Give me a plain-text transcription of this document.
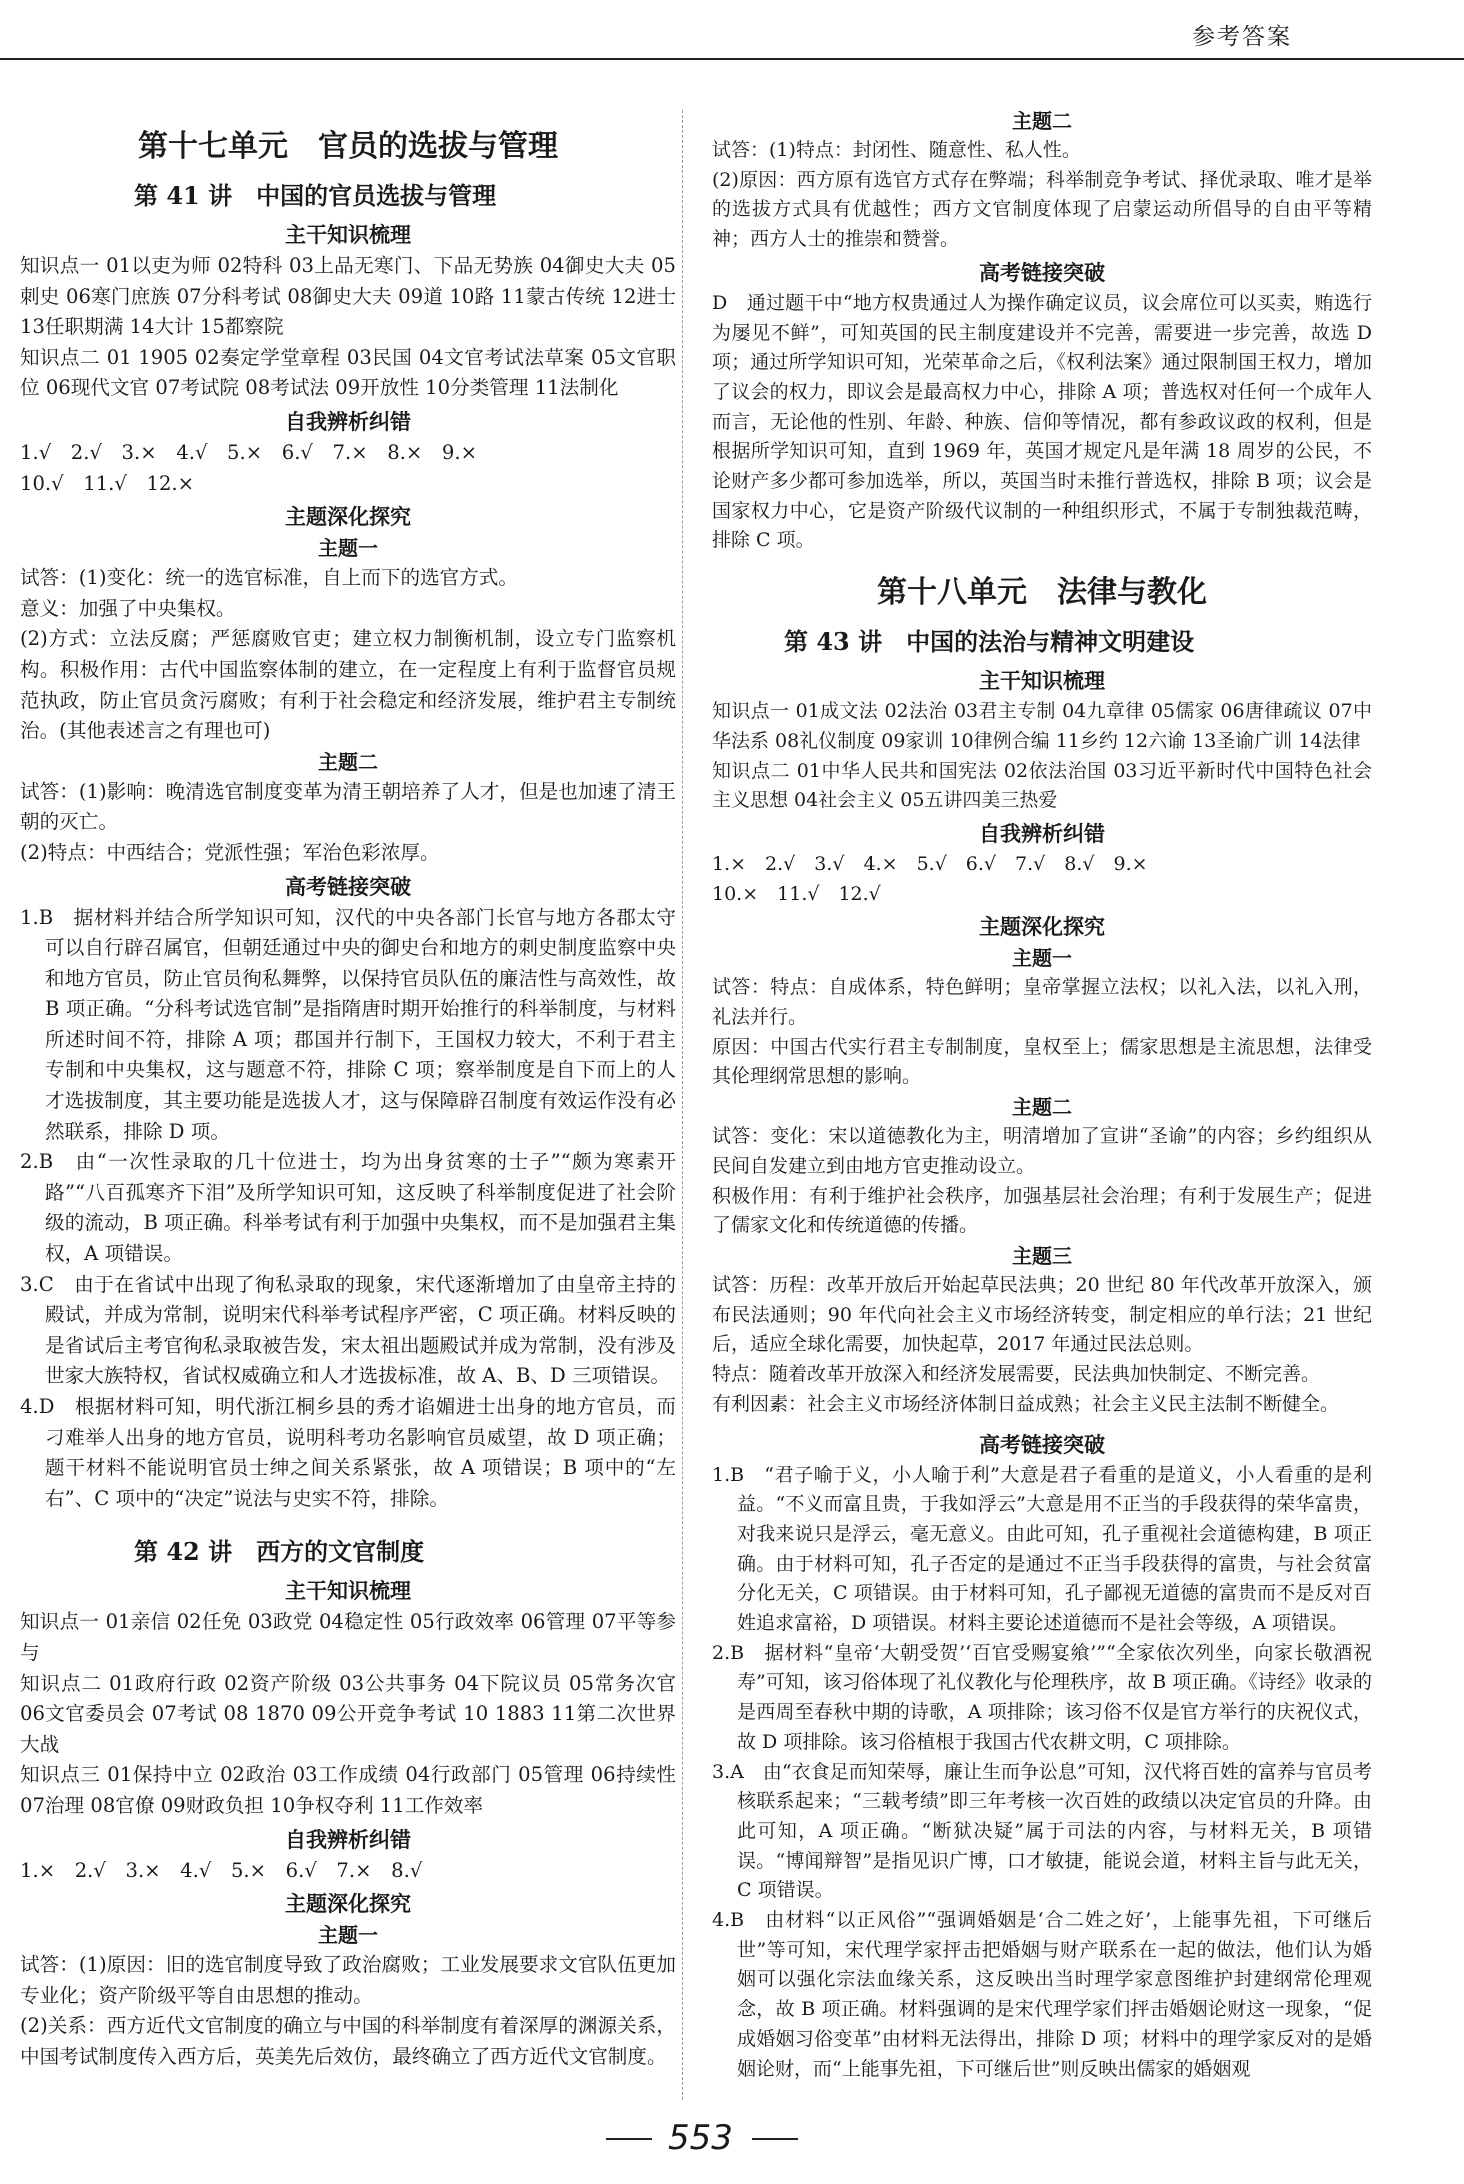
参考答案
第十七单元　官员的选拔与管理
第 41 讲　中国的官员选拔与管理
主干知识梳理

知识点一 01以吏为师 02特科 03上品无寒门、下品无势族 04御史大夫 05刺史 06寒门庶族 07分科考试 08御史大夫 09道 10路 11蒙古传统 12进士 13任职期满 14大计 15都察院

知识点二 01 1905 02奏定学堂章程 03民国 04文官考试法草案 05文官职位 06现代文官 07考试院 08考试法 09开放性 10分类管理 11法制化

自我辨析纠错

1.√　2.√　3.×　4.√　5.×　6.√　7.×　8.×　9.×

10.√　11.√　12.×

主题深化探究
主题一

试答：(1)变化：统一的选官标准，自上而下的选官方式。

意义：加强了中央集权。

(2)方式：立法反腐；严惩腐败官吏；建立权力制衡机制，设立专门监察机构。积极作用：古代中国监察体制的建立，在一定程度上有利于监督官员规范执政，防止官员贪污腐败；有利于社会稳定和经济发展，维护君主专制统治。(其他表述言之有理也可)

主题二

试答：(1)影响：晚清选官制度变革为清王朝培养了人才，但是也加速了清王朝的灭亡。

(2)特点：中西结合；党派性强；军治色彩浓厚。

高考链接突破

1.B　据材料并结合所学知识可知，汉代的中央各部门长官与地方各郡太守可以自行辟召属官，但朝廷通过中央的御史台和地方的刺史制度监察中央和地方官员，防止官员徇私舞弊，以保持官员队伍的廉洁性与高效性，故 B 项正确。“分科考试选官制”是指隋唐时期开始推行的科举制度，与材料所述时间不符，排除 A 项；郡国并行制下，王国权力较大，不利于君主专制和中央集权，这与题意不符，排除 C 项；察举制度是自下而上的人才选拔制度，其主要功能是选拔人才，这与保障辟召制度有效运作没有必然联系，排除 D 项。

2.B　由“一次性录取的几十位进士，均为出身贫寒的士子”“颇为寒素开路”“八百孤寒齐下泪”及所学知识可知，这反映了科举制度促进了社会阶级的流动，B 项正确。科举考试有利于加强中央集权，而不是加强君主集权，A 项错误。

3.C　由于在省试中出现了徇私录取的现象，宋代逐渐增加了由皇帝主持的殿试，并成为常制，说明宋代科举考试程序严密，C 项正确。材料反映的是省试后主考官徇私录取被告发，宋太祖出题殿试并成为常制，没有涉及世家大族特权，省试权威确立和人才选拔标准，故 A、B、D 三项错误。

4.D　根据材料可知，明代浙江桐乡县的秀才谄媚进士出身的地方官员，而刁难举人出身的地方官员，说明科考功名影响官员威望，故 D 项正确；题干材料不能说明官员士绅之间关系紧张，故 A 项错误；B 项中的“左右”、C 项中的“决定”说法与史实不符，排除。

第 42 讲　西方的文官制度
主干知识梳理

知识点一 01亲信 02任免 03政党 04稳定性 05行政效率 06管理 07平等参与

知识点二 01政府行政 02资产阶级 03公共事务 04下院议员 05常务次官 06文官委员会 07考试 08 1870 09公开竞争考试 10 1883 11第二次世界大战

知识点三 01保持中立 02政治 03工作成绩 04行政部门 05管理 06持续性 07治理 08官僚 09财政负担 10争权夺利 11工作效率

自我辨析纠错

1.×　2.√　3.×　4.√　5.×　6.√　7.×　8.√

主题深化探究
主题一

试答：(1)原因：旧的选官制度导致了政治腐败；工业发展要求文官队伍更加专业化；资产阶级平等自由思想的推动。

(2)关系：西方近代文官制度的确立与中国的科举制度有着深厚的渊源关系，中国考试制度传入西方后，英美先后效仿，最终确立了西方近代文官制度。

主题二

试答：(1)特点：封闭性、随意性、私人性。

(2)原因：西方原有选官方式存在弊端；科举制竞争考试、择优录取、唯才是举的选拔方式具有优越性；西方文官制度体现了启蒙运动所倡导的自由平等精神；西方人士的推崇和赞誉。

高考链接突破

D　通过题干中“地方权贵通过人为操作确定议员，议会席位可以买卖，贿选行为屡见不鲜”，可知英国的民主制度建设并不完善，需要进一步完善，故选 D 项；通过所学知识可知，光荣革命之后，《权利法案》通过限制国王权力，增加了议会的权力，即议会是最高权力中心，排除 A 项；普选权对任何一个成年人而言，无论他的性别、年龄、种族、信仰等情况，都有参政议政的权利，但是根据所学知识可知，直到 1969 年，英国才规定凡是年满 18 周岁的公民，不论财产多少都可参加选举，所以，英国当时未推行普选权，排除 B 项；议会是国家权力中心，它是资产阶级代议制的一种组织形式，不属于专制独裁范畴，排除 C 项。

第十八单元　法律与教化
第 43 讲　中国的法治与精神文明建设
主干知识梳理

知识点一 01成文法 02法治 03君主专制 04九章律 05儒家 06唐律疏议 07中华法系 08礼仪制度 09家训 10律例合编 11乡约 12六谕 13圣谕广训 14法律

知识点二 01中华人民共和国宪法 02依法治国 03习近平新时代中国特色社会主义思想 04社会主义 05五讲四美三热爱

自我辨析纠错

1.×　2.√　3.√　4.×　5.√　6.√　7.√　8.√　9.×

10.×　11.√　12.√

主题深化探究
主题一

试答：特点：自成体系，特色鲜明；皇帝掌握立法权；以礼入法，以礼入刑，礼法并行。

原因：中国古代实行君主专制制度，皇权至上；儒家思想是主流思想，法律受其伦理纲常思想的影响。

主题二

试答：变化：宋以道德教化为主，明清增加了宣讲“圣谕”的内容；乡约组织从民间自发建立到由地方官吏推动设立。

积极作用：有利于维护社会秩序，加强基层社会治理；有利于发展生产；促进了儒家文化和传统道德的传播。

主题三

试答：历程：改革开放后开始起草民法典；20 世纪 80 年代改革开放深入，颁布民法通则；90 年代向社会主义市场经济转变，制定相应的单行法；21 世纪后，适应全球化需要，加快起草，2017 年通过民法总则。

特点：随着改革开放深入和经济发展需要，民法典加快制定、不断完善。

有利因素：社会主义市场经济体制日益成熟；社会主义民主法制不断健全。

高考链接突破

1.B　“君子喻于义，小人喻于利”大意是君子看重的是道义，小人看重的是利益。“不义而富且贵，于我如浮云”大意是用不正当的手段获得的荣华富贵，对我来说只是浮云，毫无意义。由此可知，孔子重视社会道德构建，B 项正确。由于材料可知，孔子否定的是通过不正当手段获得的富贵，与社会贫富分化无关，C 项错误。由于材料可知，孔子鄙视无道德的富贵而不是反对百姓追求富裕，D 项错误。材料主要论述道德而不是社会等级，A 项错误。

2.B　据材料“皇帝‘大朝受贺’‘百官受赐宴飨’”“全家依次列坐，向家长敬酒祝寿”可知，该习俗体现了礼仪教化与伦理秩序，故 B 项正确。《诗经》收录的是西周至春秋中期的诗歌，A 项排除；该习俗不仅是官方举行的庆祝仪式，故 D 项排除。该习俗植根于我国古代农耕文明，C 项排除。

3.A　由“衣食足而知荣辱，廉让生而争讼息”可知，汉代将百姓的富养与官员考核联系起来；“三载考绩”即三年考核一次百姓的政绩以决定官员的升降。由此可知，A 项正确。“断狱决疑”属于司法的内容，与材料无关，B 项错误。“博闻辩智”是指见识广博，口才敏捷，能说会道，材料主旨与此无关，C 项错误。

4.B　由材料“以正风俗”“强调婚姻是‘合二姓之好’，上能事先祖，下可继后世”等可知，宋代理学家抨击把婚姻与财产联系在一起的做法，他们认为婚姻可以强化宗法血缘关系，这反映出当时理学家意图维护封建纲常伦理观念，故 B 项正确。材料强调的是宋代理学家们抨击婚姻论财这一现象，“促成婚姻习俗变革”由材料无法得出，排除 D 项；材料中的理学家反对的是婚姻论财，而“上能事先祖，下可继后世”则反映出儒家的婚姻观

553
